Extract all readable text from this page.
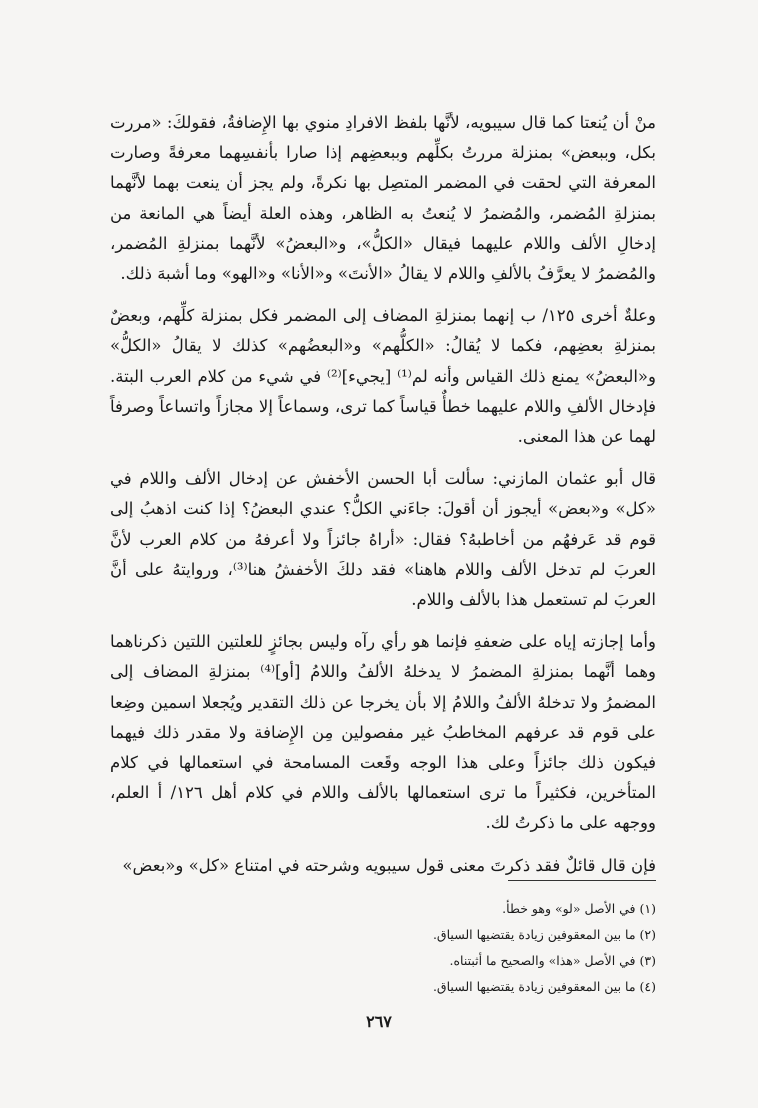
منْ أن يُنعتا كما قال سيبويه، لأنَّها بلفظ الافرادِ منوي بها الإِضافةُ، فقولكَ: «مررت بكل، وببعض» بمنزلة مررتُ بكلِّهم وببعضِهم إذا صارا بأنفسِهما معرفةً وصارت المعرفة التي لحقت في المضمر المتصِل بها نكرةً، ولم يجز أن ينعت بهما لأنَّهما بمنزلةِ المُضمر، والمُضمرُ لا يُنعتُ به الظاهر، وهذه العلة أيضاً هي المانعة من إدخالِ الألف واللام عليهما فيقال «الكلُّ»، و«البعضُ» لأنَّهما بمنزلةِ المُضمر، والمُضمرُ لا يعرَّفُ بالألفِ واللام لا يقالُ «الأنتَ» و«الأنا» و«الهو» وما أشبهَ ذلك.

وعلةٌ أخرى ١٢٥/ ب إنهما بمنزلةِ المضاف إلى المضمر فكل بمنزلة كلِّهم، وبعضٌ بمنزلةِ بعضِهم، فكما لا يُقالُ: «الكلُّهم» و«البعضُهم» كذلك لا يقالُ «الكلُّ» و«البعضُ» يمنع ذلك القياس وأنه لم⁽¹⁾ [يجيء]⁽²⁾ في شيء من كلام العرب البتة. فإدخال الألفِ واللام عليهما خطأٌ قياساً كما ترى، وسماعاً إلا مجازاً واتساعاً وصرفاً لهما عن هذا المعنى.

قال أبو عثمان المازني: سألت أبا الحسن الأخفش عن إدخال الألف واللام في «كل» و«بعض» أيجوز أن أقولَ: جاءَني الكلُّ؟ عندي البعضُ؟ إذا كنت اذهبُ إلى قوم قد عَرفهُم من أخاطبهُ؟ فقال: «أراهُ جائزاً ولا أعرفهُ من كلام العرب لأنَّ العربَ لم تدخل الألف واللام هاهنا» فقد دلكَ الأخفشُ هنا⁽³⁾، وروايتهُ على أنَّ العربَ لم تستعمل هذا بالألف واللام.

وأما إجازته إياه على ضعفهِ فإنما هو رأي رآه وليس بجائزٍ للعلتين اللتين ذكرناهما وهما أنَّهما بمنزلةِ المضمرُ لا يدخلهُ الألفُ واللامُ [أو]⁽⁴⁾ بمنزلةِ المضاف إلى المضمرُ ولا تدخلهُ الألفُ واللامُ إلا بأن يخرجا عن ذلك التقدير ويُجعلا اسمين وضِعا على قوم قد عرفهم المخاطبُ غير مفصولين مِن الإِضافة ولا مقدر ذلك فيهما فيكون ذلك جائزاً وعلى هذا الوجه وقَعت المسامحة في استعمالها في كلام المتأخرين، فكثيراً ما ترى استعمالها بالألف واللام في كلام أهل ١٢٦/ أ العلم، ووجهه على ما ذكرتُ لك.

فإن قال قائلٌ فقد ذكرتَ معنى قول سيبويه وشرحته في امتناع «كل» و«بعض»

(١) في الأصل «لو» وهو خطأ.

(٢) ما بين المعقوفين زيادة يقتضيها السياق.

(٣) في الأصل «هذا» والصحيح ما أثبتناه.

(٤) ما بين المعقوفين زيادة يقتضيها السياق.

٢٦٧
